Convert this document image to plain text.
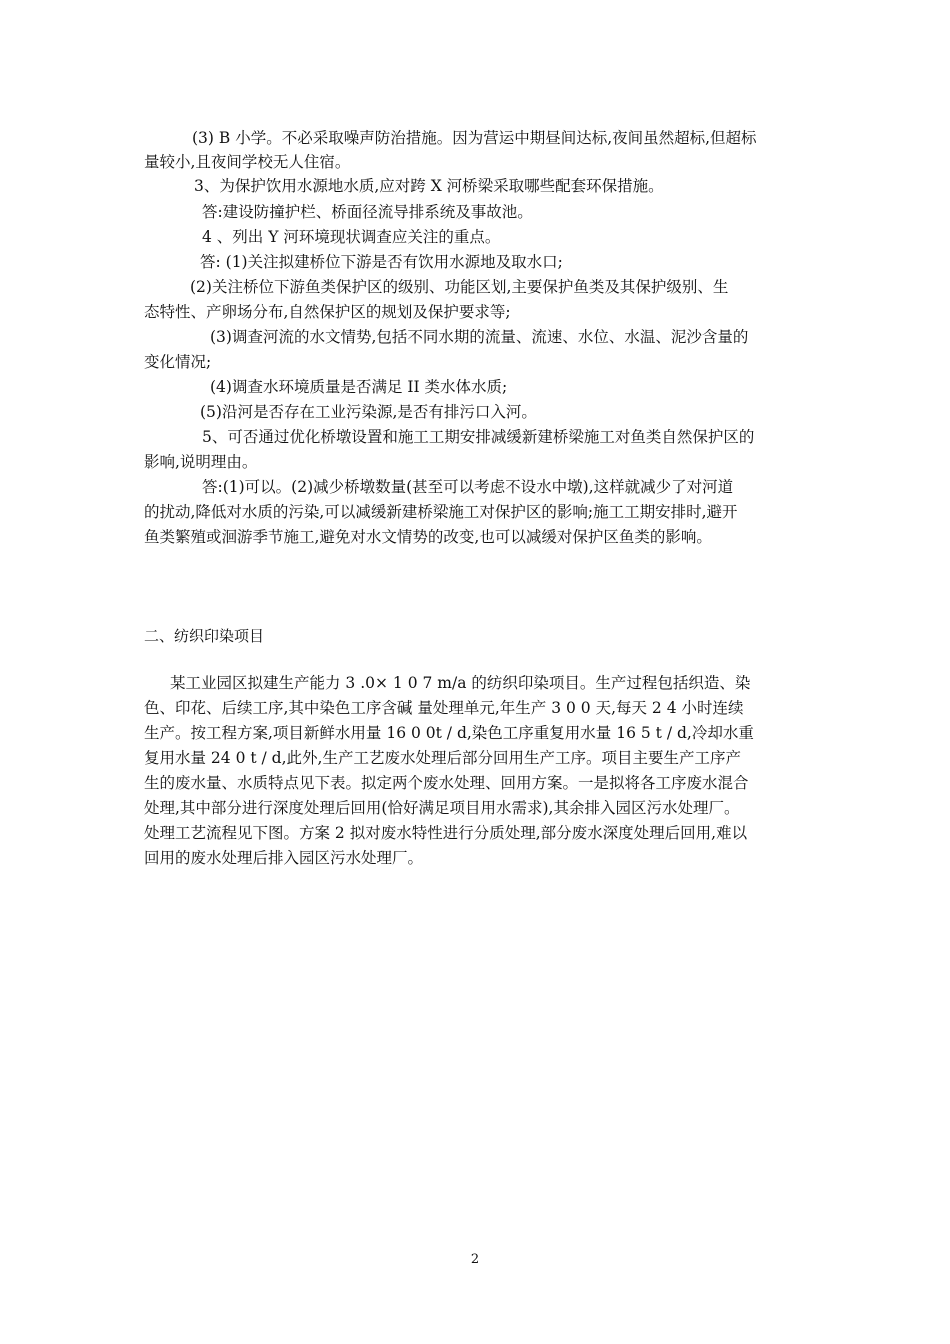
(3) B 小学。不必采取噪声防治措施。因为营运中期昼间达标,夜间虽然超标,但超标
量较小,且夜间学校无人住宿。
3、为保护饮用水源地水质,应对跨 X 河桥梁采取哪些配套环保措施。
答:建设防撞护栏、桥面径流导排系统及事故池。
4 、列出 Y 河环境现状调查应关注的重点。
答: (1)关注拟建桥位下游是否有饮用水源地及取水口;
(2)关注桥位下游鱼类保护区的级别、功能区划,主要保护鱼类及其保护级别、生
态特性、产卵场分布,自然保护区的规划及保护要求等;
(3)调查河流的水文情势,包括不同水期的流量、流速、水位、水温、泥沙含量的
变化情况;
(4)调查水环境质量是否满足 II 类水体水质;
(5)沿河是否存在工业污染源,是否有排污口入河。
5、可否通过优化桥墩设置和施工工期安排减缓新建桥梁施工对鱼类自然保护区的
影响,说明理由。
答:(1)可以。(2)减少桥墩数量(甚至可以考虑不设水中墩),这样就减少了对河道
的扰动,降低对水质的污染,可以减缓新建桥梁施工对保护区的影响;施工工期安排时,避开
鱼类繁殖或洄游季节施工,避免对水文情势的改变,也可以减缓对保护区鱼类的影响。
二、纺织印染项目
某工业园区拟建生产能力 3 .0× 1 0 7 m/a 的纺织印染项目。生产过程包括织造、染
色、印花、后续工序,其中染色工序含碱 量处理单元,年生产 3 0 0 天,每天 2 4 小时连续
生产。按工程方案,项目新鲜水用量 16 0 0t / d,染色工序重复用水量 16 5 t / d,冷却水重
复用水量 24 0 t / d,此外,生产工艺废水处理后部分回用生产工序。项目主要生产工序产
生的废水量、水质特点见下表。拟定两个废水处理、回用方案。一是拟将各工序废水混合
处理,其中部分进行深度处理后回用(恰好满足项目用水需求),其余排入园区污水处理厂。
处理工艺流程见下图。方案 2 拟对废水特性进行分质处理,部分废水深度处理后回用,难以
回用的废水处理后排入园区污水处理厂。
2
